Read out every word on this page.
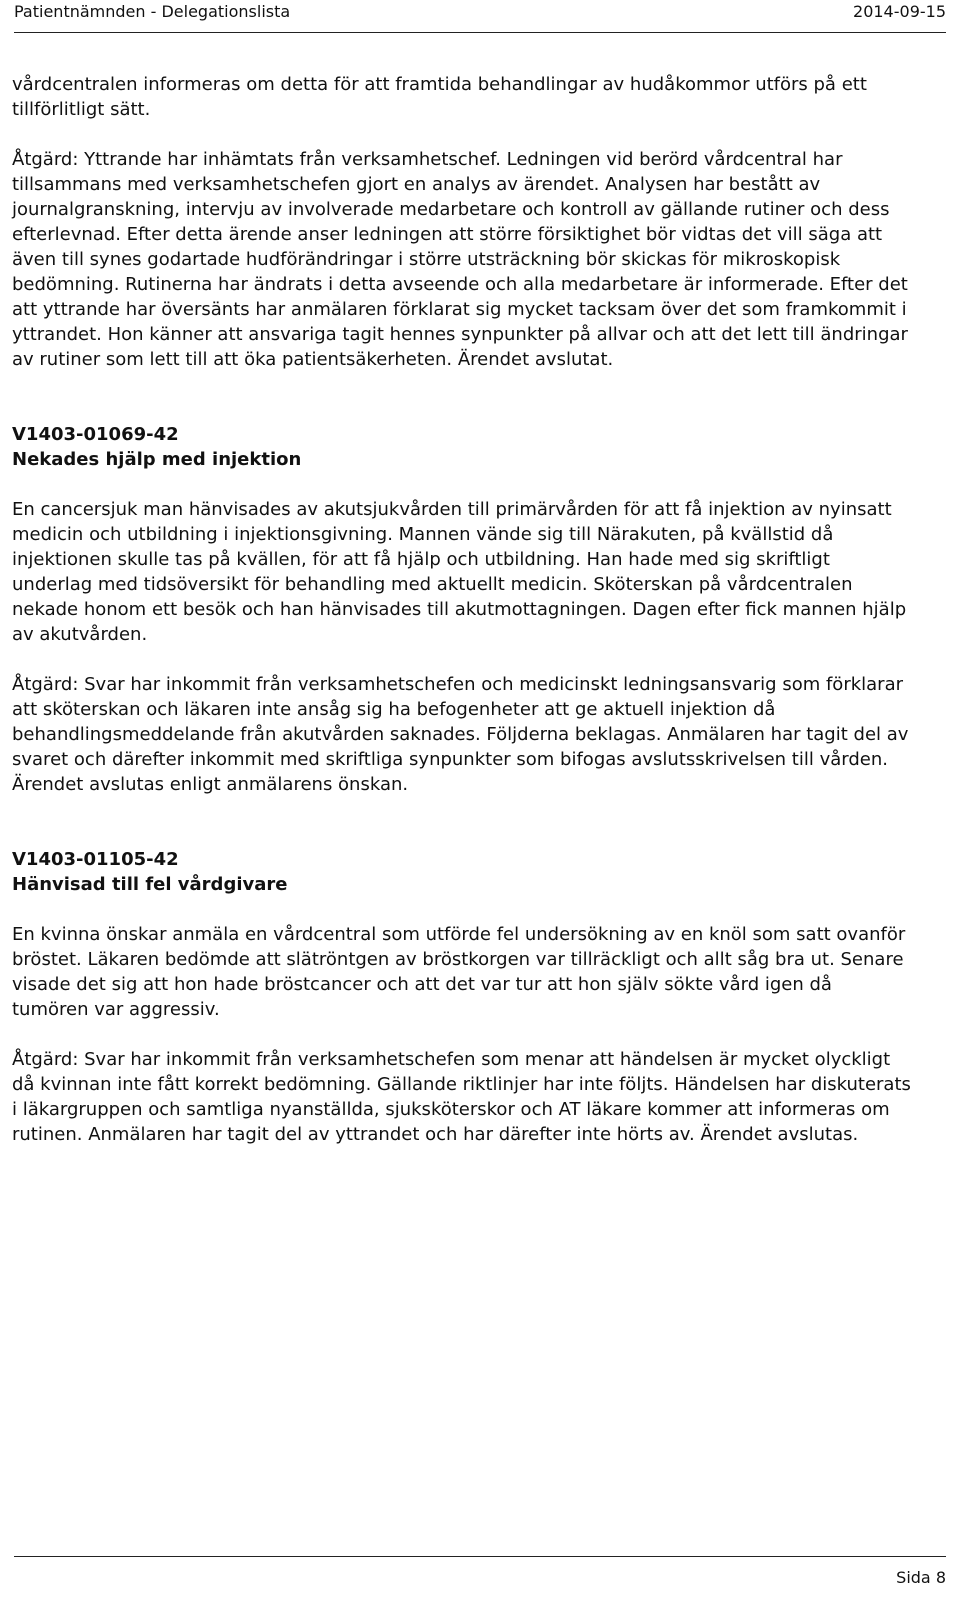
Patientnämnden - Delegationslista	2014-09-15

vårdcentralen informeras om detta för att framtida behandlingar av hudåkommor utförs på ett tillförlitligt sätt.

Åtgärd: Yttrande har inhämtats från verksamhetschef. Ledningen vid berörd vårdcentral har tillsammans med verksamhetschefen gjort en analys av ärendet. Analysen har bestått av journalgranskning, intervju av involverade medarbetare och kontroll av gällande rutiner och dess efterlevnad. Efter detta ärende anser ledningen att större försiktighet bör vidtas det vill säga att även till synes godartade hudförändringar i större utsträckning bör skickas för mikroskopisk bedömning. Rutinerna har ändrats i detta avseende och alla medarbetare är informerade. Efter det att yttrande har översänts har anmälaren förklarat sig mycket tacksam över det som framkommit i yttrandet. Hon känner att ansvariga tagit hennes synpunkter på allvar och att det lett till ändringar av rutiner som lett till att öka patientsäkerheten. Ärendet avslutat.

V1403-01069-42

Nekades hjälp med injektion

En cancersjuk man hänvisades av akutsjukvården till primärvården för att få injektion av nyinsatt medicin och utbildning i injektionsgivning. Mannen vände sig till Närakuten, på kvällstid då injektionen skulle tas på kvällen, för att få hjälp och utbildning. Han hade med sig skriftligt underlag med tidsöversikt för behandling med aktuellt medicin. Sköterskan på vårdcentralen nekade honom ett besök och han hänvisades till akutmottagningen. Dagen efter fick mannen hjälp av akutvården.

Åtgärd: Svar har inkommit från verksamhetschefen och medicinskt ledningsansvarig som förklarar att sköterskan och läkaren inte ansåg sig ha befogenheter att ge aktuell injektion då behandlingsmeddelande från akutvården saknades. Följderna beklagas. Anmälaren har tagit del av svaret och därefter inkommit med skriftliga synpunkter som bifogas avslutsskrivelsen till vården. Ärendet avslutas enligt anmälarens önskan.

V1403-01105-42

Hänvisad till fel vårdgivare

En kvinna önskar anmäla en vårdcentral som utförde fel undersökning av en knöl som satt ovanför bröstet. Läkaren bedömde att slätröntgen av bröstkorgen var tillräckligt och allt såg bra ut. Senare visade det sig att hon hade bröstcancer och att det var tur att hon själv sökte vård igen då tumören var aggressiv.

Åtgärd: Svar har inkommit från verksamhetschefen som menar att händelsen är mycket olyckligt då kvinnan inte fått korrekt bedömning. Gällande riktlinjer har inte följts. Händelsen har diskuterats i läkargruppen och samtliga nyanställda, sjuksköterskor och AT läkare kommer att informeras om rutinen. Anmälaren har tagit del av yttrandet och har därefter inte hörts av. Ärendet avslutas.

Sida 8
